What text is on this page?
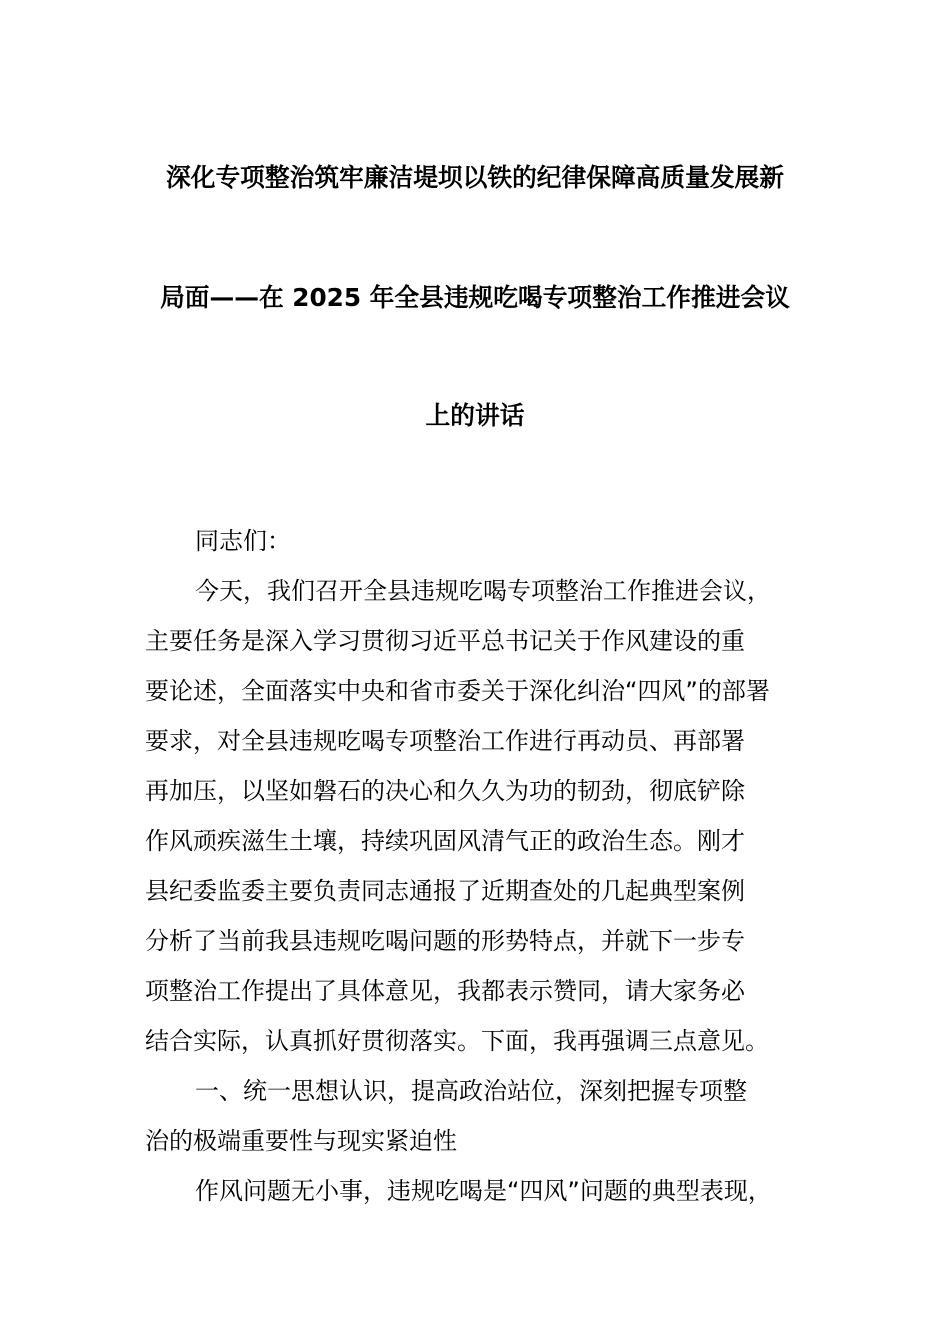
深化专项整治筑牢廉洁堤坝以铁的纪律保障高质量发展新
局面——在 2025 年全县违规吃喝专项整治工作推进会议
上的讲话
同志们：
今天，我们召开全县违规吃喝专项整治工作推进会议，
主要任务是深入学习贯彻习近平总书记关于作风建设的重
要论述，全面落实中央和省市委关于深化纠治“四风”的部署
要求，对全县违规吃喝专项整治工作进行再动员、再部署
再加压，以坚如磐石的决心和久久为功的韧劲，彻底铲除
作风顽疾滋生土壤，持续巩固风清气正的政治生态。刚才
县纪委监委主要负责同志通报了近期查处的几起典型案例
分析了当前我县违规吃喝问题的形势特点，并就下一步专
项整治工作提出了具体意见，我都表示赞同，请大家务必
结合实际，认真抓好贯彻落实。下面，我再强调三点意见。
一、统一思想认识，提高政治站位，深刻把握专项整
治的极端重要性与现实紧迫性
作风问题无小事，违规吃喝是“四风”问题的典型表现，
